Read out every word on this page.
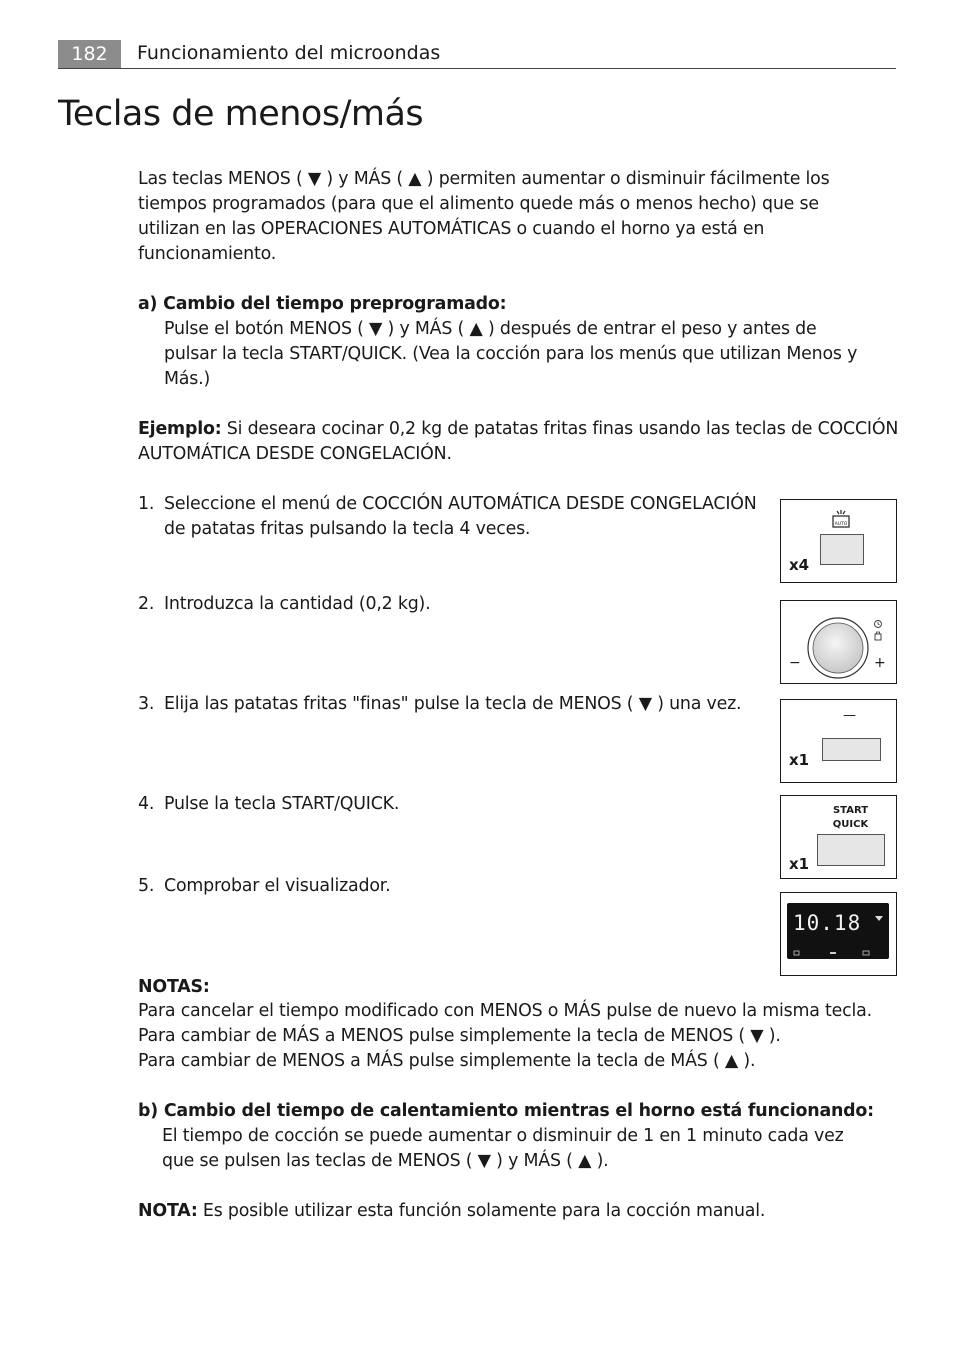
182	Funcionamiento del microondas
Teclas de menos/más
Las teclas MENOS ( ▼ ) y MÁS ( ▲ ) permiten aumentar o disminuir fácilmente los
tiempos programados (para que el alimento quede más o menos hecho) que se
utilizan en las OPERACIONES AUTOMÁTICAS o cuando el horno ya está en
funcionamiento.
a) Cambio del tiempo preprogramado:
Pulse el botón MENOS ( ▼ ) y MÁS ( ▲ ) después de entrar el peso y antes de
pulsar la tecla START/QUICK. (Vea la cocción para los menús que utilizan Menos y
Más.)
Ejemplo: Si deseara cocinar 0,2 kg de patatas fritas finas usando las teclas de COCCIÓN
AUTOMÁTICA DESDE CONGELACIÓN.
1. Seleccione el menú de COCCIÓN AUTOMÁTICA DESDE CONGELACIÓN
de patatas fritas pulsando la tecla 4 veces.
2. Introduzca la cantidad (0,2 kg).
3. Elija las patatas fritas "finas" pulse la tecla de MENOS ( ▼ ) una vez.
4. Pulse la tecla START/QUICK.
5. Comprobar el visualizador.
AUTO
x4
−	+
—
x1
START
QUICK
x1
10.18
NOTAS:
Para cancelar el tiempo modificado con MENOS o MÁS pulse de nuevo la misma tecla.
Para cambiar de MÁS a MENOS pulse simplemente la tecla de MENOS ( ▼ ).
Para cambiar de MENOS a MÁS pulse simplemente la tecla de MÁS ( ▲ ).
b) Cambio del tiempo de calentamiento mientras el horno está funcionando:
El tiempo de cocción se puede aumentar o disminuir de 1 en 1 minuto cada vez
que se pulsen las teclas de MENOS ( ▼ ) y MÁS ( ▲ ).
NOTA: Es posible utilizar esta función solamente para la cocción manual.
